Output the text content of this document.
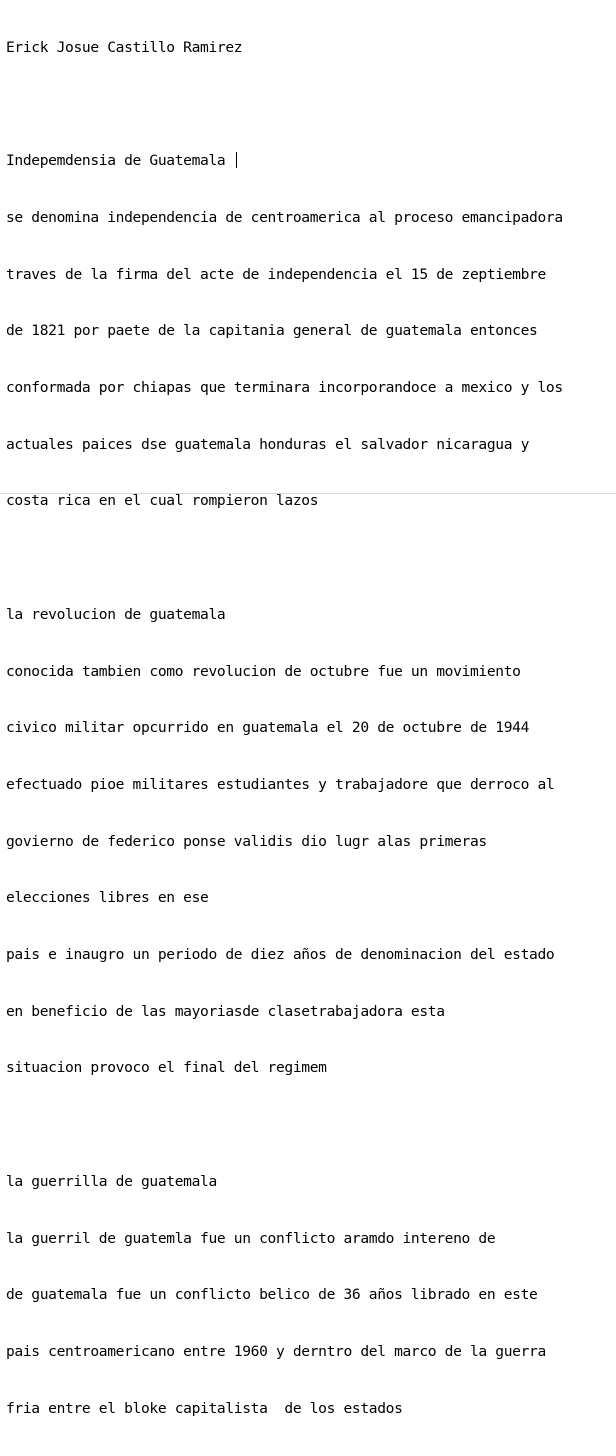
Erick Josue Castillo Ramirez

Indepemdensia de Guatemala

se denomina independencia de centroamerica al proceso emancipadora

traves de la firma del acte de independencia el 15 de zeptiembre

de 1821 por paete de la capitania general de guatemala entonces

conformada por chiapas que terminara incorporandoce a mexico y los

actuales paices dse guatemala honduras el salvador nicaragua y

costa rica en el cual rompieron lazos

la revolucion de guatemala

conocida tambien como revolucion de octubre fue un movimiento

civico militar opcurrido en guatemala el 20 de octubre de 1944

efectuado pioe militares estudiantes y trabajadore que derroco al

govierno de federico ponse validis dio lugr alas primeras

elecciones libres en ese

pais e inaugro un periodo de diez años de denominacion del estado

en beneficio de las mayoriasde clasetrabajadora esta

situacion provoco el final del regimem

la guerrilla de guatemala

la guerril de guatemla fue un conflicto aramdo intereno de

de guatemala fue un conflicto belico de 36 años librado en este

pais centroamericano entre 1960 y derntro del marco de la guerra

fria entre el bloke capitalista  de los estados
